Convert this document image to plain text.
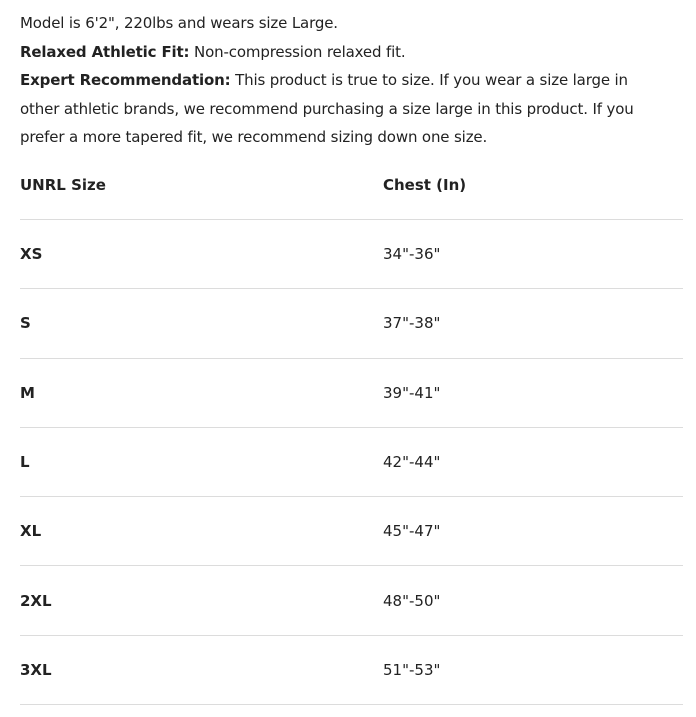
Model is 6'2", 220lbs and wears size Large.

Relaxed Athletic Fit: Non-compression relaxed fit.

Expert Recommendation: This product is true to size. If you wear a size large in other athletic brands, we recommend purchasing a size large in this product. If you prefer a more tapered fit, we recommend sizing down one size.

UNRL Size	Chest (In)
XS	34"-36"
S	37"-38"
M	39"-41"
L	42"-44"
XL	45"-47"
2XL	48"-50"
3XL	51"-53"
